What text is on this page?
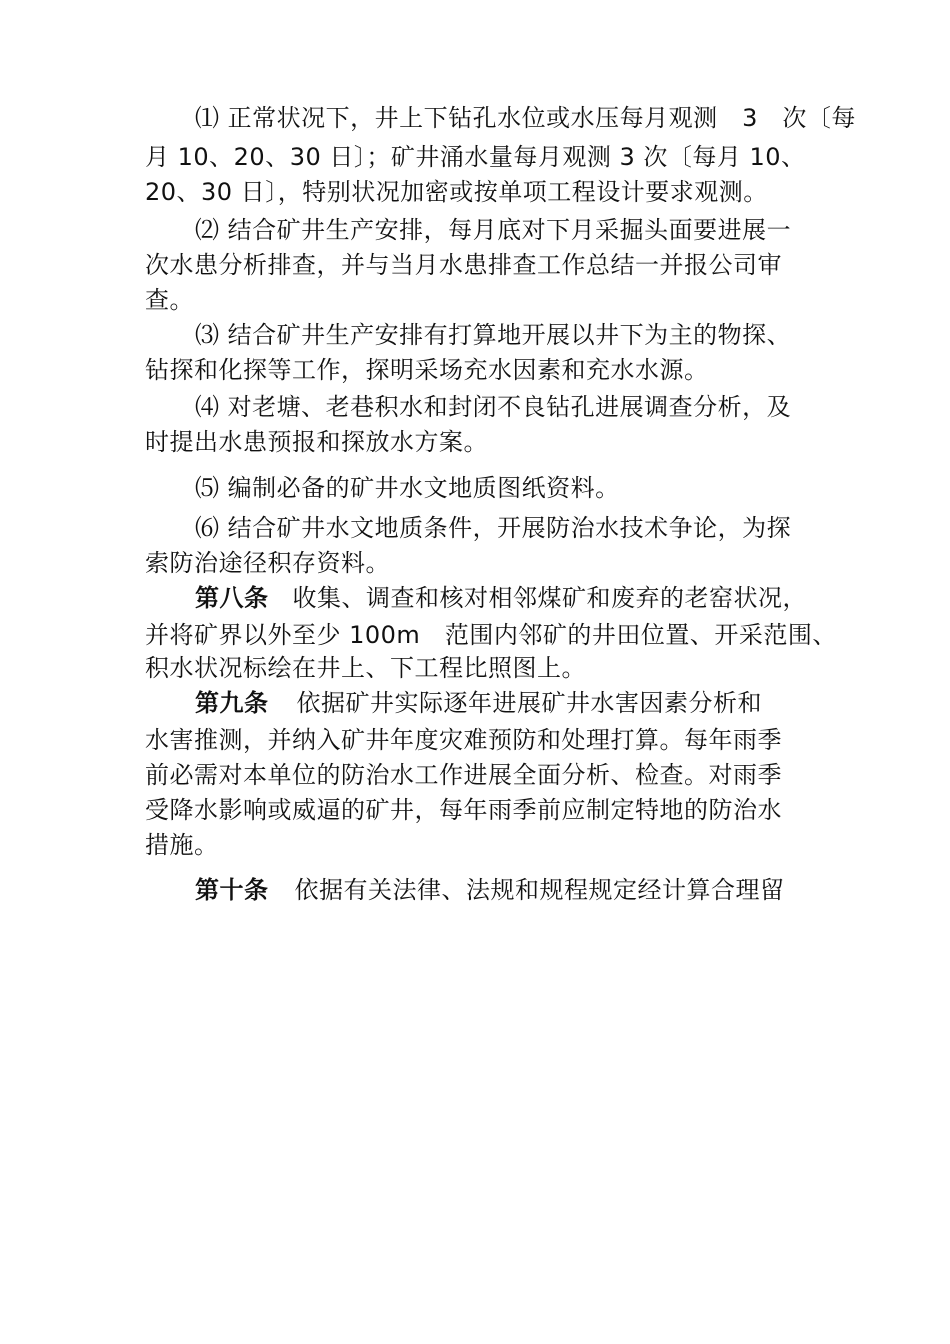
⑴ 正常状况下，井上下钻孔水位或水压每月观测　3　次〔每
月 10、20、30 日〕；矿井涌水量每月观测 3 次〔每月 10、
20、30 日〕，特别状况加密或按单项工程设计要求观测。
⑵ 结合矿井生产安排，每月底对下月采掘头面要进展一
次水患分析排查，并与当月水患排查工作总结一并报公司审
查。
⑶ 结合矿井生产安排有打算地开展以井下为主的物探、
钻探和化探等工作，探明采场充水因素和充水水源。
⑷ 对老塘、老巷积水和封闭不良钻孔进展调查分析，及
时提出水患预报和探放水方案。
⑸ 编制必备的矿井水文地质图纸资料。
⑹ 结合矿井水文地质条件，开展防治水技术争论，为探
索防治途径积存资料。
第八条 收集、调查和核对相邻煤矿和废弃的老窑状况，
并将矿界以外至少 100m　范围内邻矿的井田位置、开采范围、
积水状况标绘在井上、下工程比照图上。
第九条 依据矿井实际逐年进展矿井水害因素分析和
水害推测，并纳入矿井年度灾难预防和处理打算。每年雨季
前必需对本单位的防治水工作进展全面分析、检查。对雨季
受降水影响或威逼的矿井，每年雨季前应制定特地的防治水
措施。
第十条 依据有关法律、法规和规程规定经计算合理留
